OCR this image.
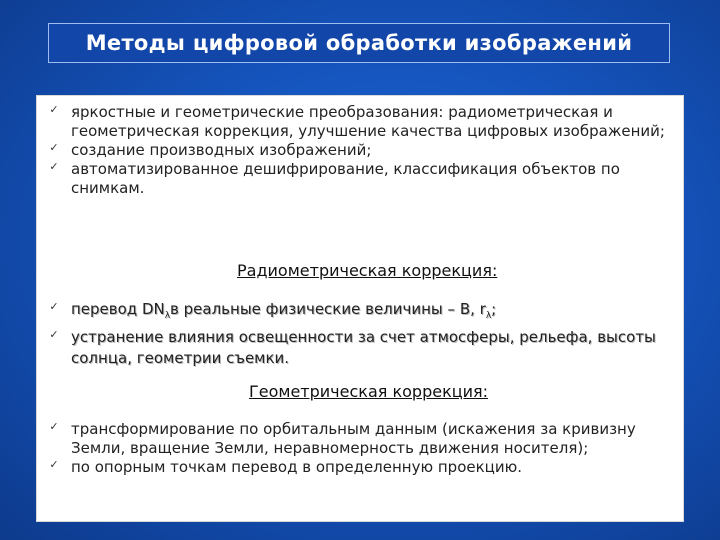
Методы цифровой обработки изображений
✓ яркостные и геометрические преобразования: радиометрическая и геометрическая коррекция, улучшение качества цифровых изображений;
✓ создание производных изображений;
✓ автоматизированное дешифрирование, классификация объектов по снимкам.
Радиометрическая коррекция:
✓ перевод $DN_\lambda в$ реальные физические величины – B, $r_\lambda$;
✓ устранение влияния освещенности за счет атмосферы, рельефа, высоты солнца, геометрии съемки.
Геометрическая коррекция:
✓ трансформирование по орбитальным данным (искажения за кривизну Земли, вращение Земли, неравномерность движения носителя);
✓ по опорным точкам перевод в определенную проекцию.
